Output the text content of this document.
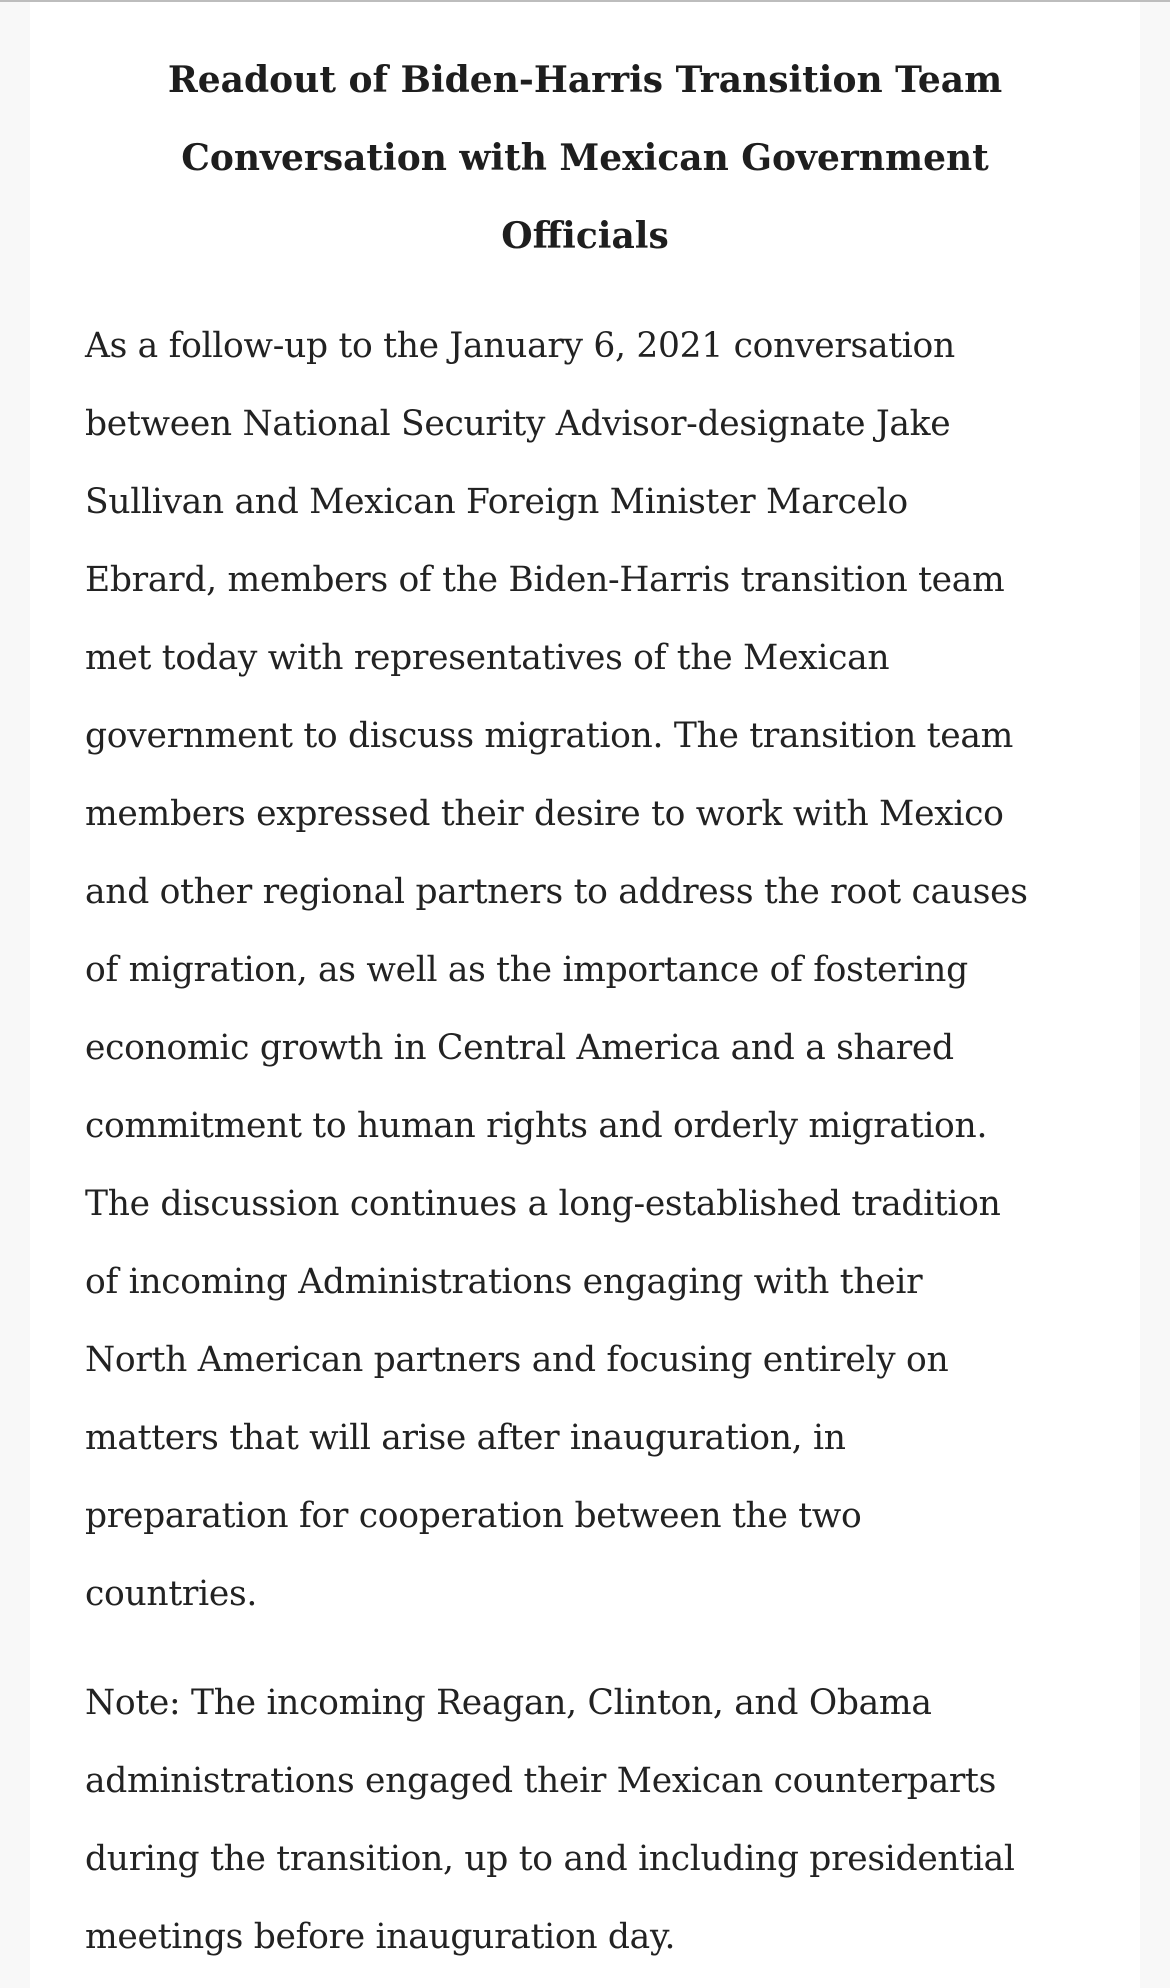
Readout of Biden-Harris Transition Team
Conversation with Mexican Government
Officials
As a follow-up to the January 6, 2021 conversation
between National Security Advisor-designate Jake
Sullivan and Mexican Foreign Minister Marcelo
Ebrard, members of the Biden-Harris transition team
met today with representatives of the Mexican
government to discuss migration. The transition team
members expressed their desire to work with Mexico
and other regional partners to address the root causes
of migration, as well as the importance of fostering
economic growth in Central America and a shared
commitment to human rights and orderly migration.
The discussion continues a long-established tradition
of incoming Administrations engaging with their
North American partners and focusing entirely on
matters that will arise after inauguration, in
preparation for cooperation between the two
countries.
Note: The incoming Reagan, Clinton, and Obama
administrations engaged their Mexican counterparts
during the transition, up to and including presidential
meetings before inauguration day.
